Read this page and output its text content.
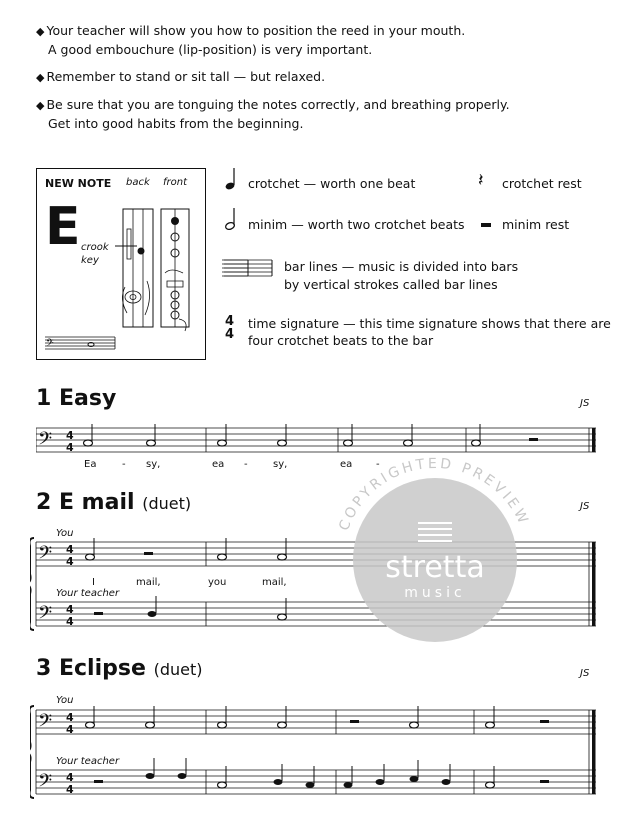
◆ Your teacher will show you how to position the reed in your mouth.
A good embouchure (lip-position) is very important.
◆ Remember to stand or sit tall — but relaxed.
◆ Be sure that you are tonguing the notes correctly, and breathing properly.
Get into good habits from the beginning.
NEW NOTE back front
E crook
key
𝄢
crotchet — worth one beat
minim — worth two crotchet beats
𝄽 crotchet rest
minim rest
bar lines — music is divided into bars
by vertical strokes called bar lines
4
4
time signature — this time signature shows that there are
four crotchet beats to the bar
1 Easy	JS
𝄢 4
4
Ea	- sy,	ea -	sy,	ea -
2 E mail (duet)	JS
You
Your teacher
𝄢
𝄢
4
4
4
4
I	mail,	you	mail,
3 Eclipse (duet)	JS
You
Your teacher
𝄢
𝄢
4
4
4
4
COPYRIGHTED PREVIEW
stretta
music
